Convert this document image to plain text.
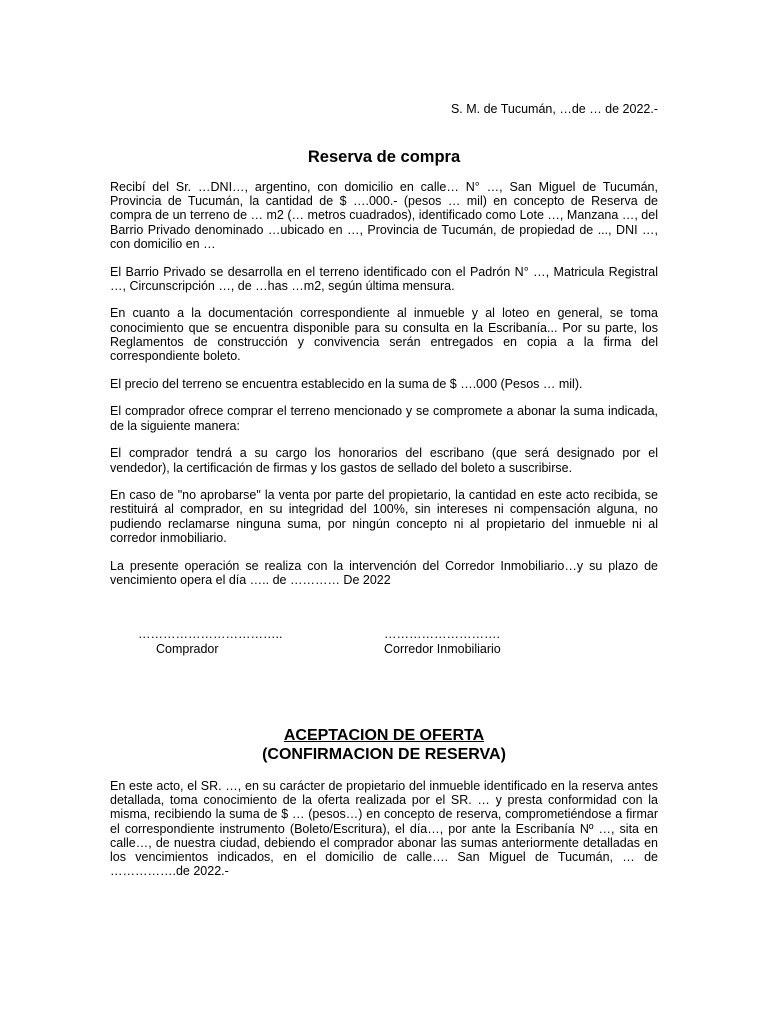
S. M. de Tucumán, …de … de 2022.-
Reserva de compra

Recibí del Sr. …DNI…, argentino, con domicilio en calle… N° …, San Miguel de Tucumán, Provincia de Tucumán, la cantidad de $ ….000.- (pesos … mil) en concepto de Reserva de compra de un terreno de … m2 (… metros cuadrados), identificado como Lote …, Manzana …, del Barrio Privado denominado …ubicado en …, Provincia de Tucumán, de propiedad de ..., DNI …, con domicilio en …

El Barrio Privado se desarrolla en el terreno identificado con el Padrón N° …, Matricula Registral …, Circunscripción …, de …has …m2, según última mensura.

En cuanto a la documentación correspondiente al inmueble y al loteo en general, se toma conocimiento que se encuentra disponible para su consulta en la Escribanía... Por su parte, los Reglamentos de construcción y convivencia serán entregados en copia a la firma del correspondiente boleto.

El precio del terreno se encuentra establecido en la suma de $ ….000 (Pesos … mil).

El comprador ofrece comprar el terreno mencionado y se compromete a abonar la suma indicada, de la siguiente manera:

El comprador tendrá a su cargo los honorarios del escribano (que será designado por el vendedor), la certificación de firmas y los gastos de sellado del boleto a suscribirse.

En caso de "no aprobarse" la venta por parte del propietario, la cantidad en este acto recibida, se restituirá al comprador, en su integridad del 100%, sin intereses ni compensación alguna, no pudiendo reclamarse ninguna suma, por ningún concepto ni al propietario del inmueble ni al corredor inmobiliario.

La presente operación se realiza con la intervención del Corredor Inmobiliario…y su plazo de vencimiento opera el día ….. de ………… De 2022

……………………………..
Comprador
……………………….
Corredor Inmobiliario
ACEPTACION DE OFERTA
(CONFIRMACION DE RESERVA)

En este acto, el SR. …, en su carácter de propietario del inmueble identificado en la reserva antes detallada, toma conocimiento de la oferta realizada por el SR. … y presta conformidad con la misma, recibiendo la suma de $ … (pesos…) en concepto de reserva, comprometiéndose a firmar el correspondiente instrumento (Boleto/Escritura), el día…, por ante la Escribanía Nº …, sita en calle…, de nuestra ciudad, debiendo el comprador abonar las sumas anteriormente detalladas en los vencimientos indicados, en el domicilio de calle…. San Miguel de Tucumán, … de …………….de 2022.-
